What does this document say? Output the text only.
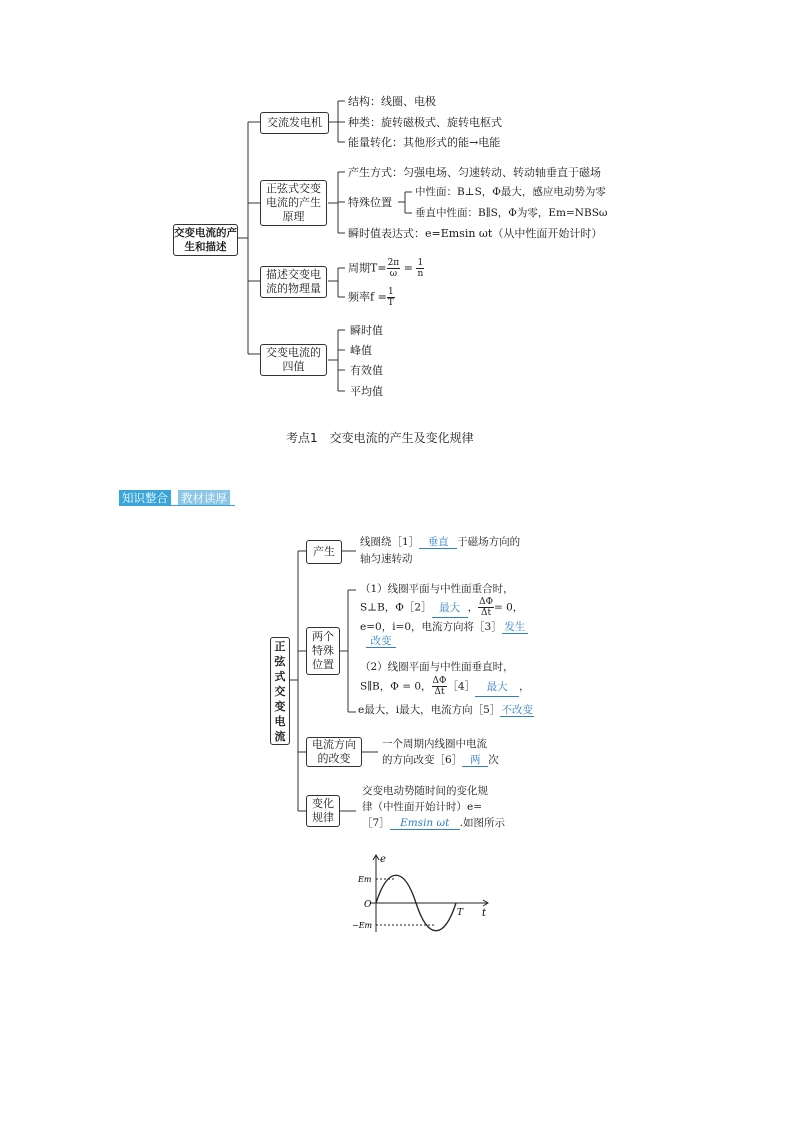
交变电流的产生和描述
交流发电机
结构：线圈、电极
种类：旋转磁极式、旋转电枢式
能量转化：其他形式的能→电能
正弦式交变电流的产生原理
产生方式：匀强电场、匀速转动、转动轴垂直于磁场
特殊位置
中性面：B⊥S，Φ最大，感应电动势为零
垂直中性面：B∥S，Φ为零，Em=NBSω
瞬时值表达式：e=Emsin ωt（从中性面开始计时）
描述交变电流的物理量
周期$T= \frac{2\pi}{\omega} = \frac{1}{n}$
频率$f = \frac{1}{T}$
交变电流的四值
瞬时值
峰值
有效值
平均值
考点1　交变电流的产生及变化规律
知识整合 教材读厚
正弦式交变电流
产生
线圈绕［1］ 垂直 于磁场方向的
轴匀速转动
两个特殊位置
（1）线圈平面与中性面重合时，
S⊥B，Φ［2］ 最大 ， $\frac{\Delta\Phi}{\Delta t} = 0$，
e=0，i=0，电流方向将［3］ 发生
改变
（2）线圈平面与中性面垂直时，
S∥B，Φ = 0， $\frac{\Delta\Phi}{\Delta t}$ ［4］ 最大 ，
e最大，i最大，电流方向［5］不改变
电流方向的改变
一个周期内线圈中电流
的方向改变［6］ 两 次
变化规律
交变电动势随时间的变化规
律（中性面开始计时）e=
［7］ Emsin ωt .如图所示
e
t
O
Em
−Em
T
